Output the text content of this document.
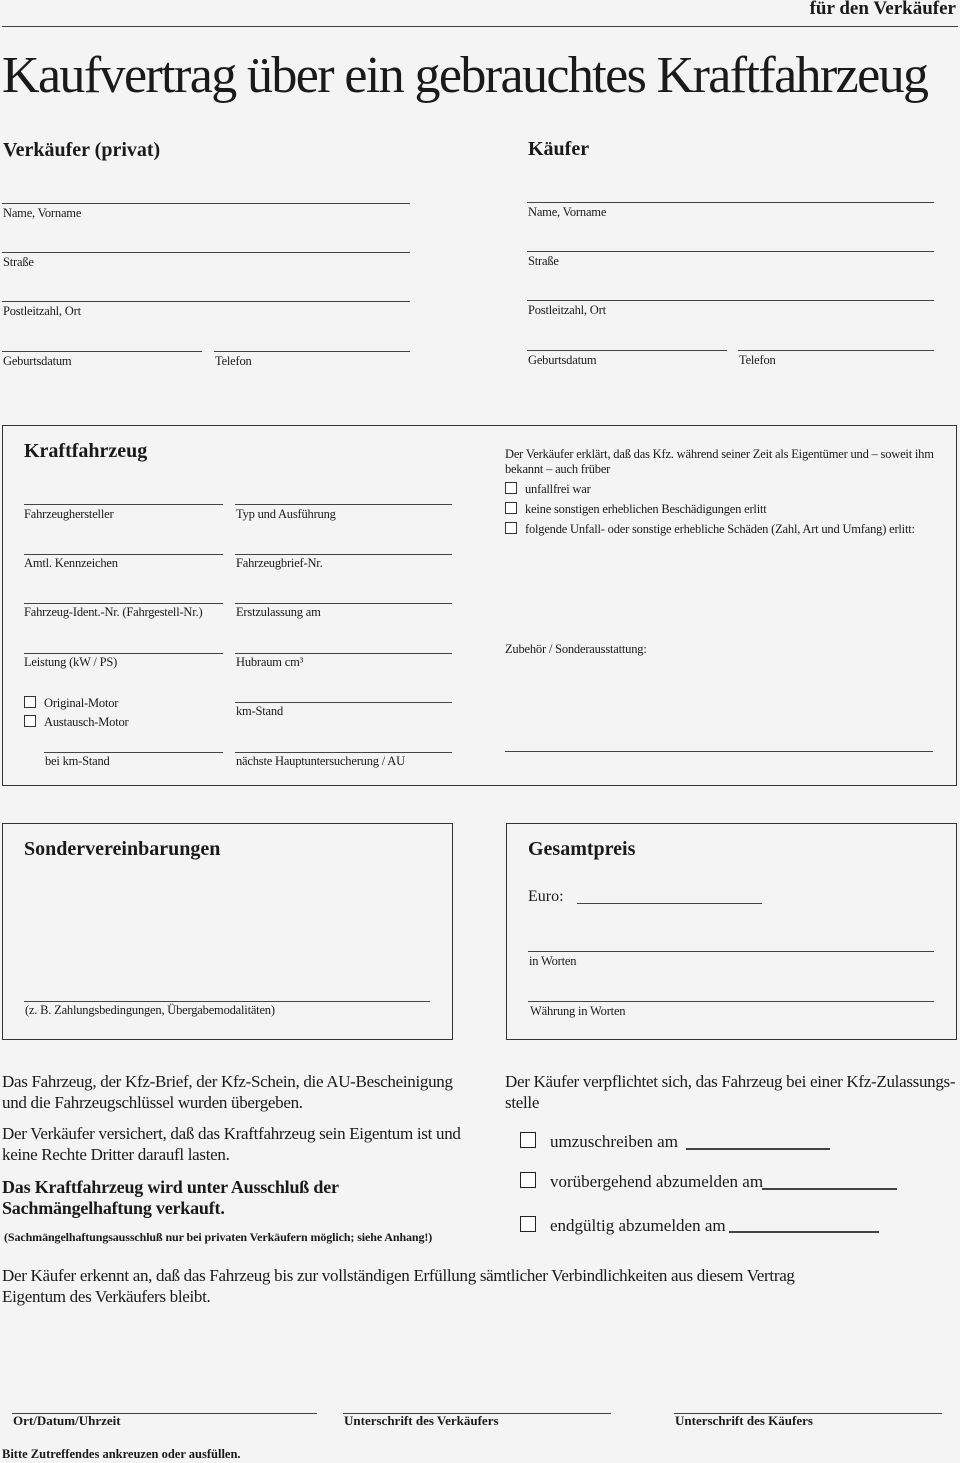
für den Verkäufer
Kaufvertrag über ein gebrauchtes Kraftfahrzeug
Verkäufer (privat)
Name, Vorname
Straße
Postleitzahl, Ort
Geburtsdatum	Telefon
Käufer
Name, Vorname
Straße
Postleitzahl, Ort
Geburtsdatum	Telefon
Kraftfahrzeug
Fahrzeughersteller	Typ und Ausführung
Amtl. Kennzeichen	Fahrzeugbrief-Nr.
Fahrzeug-Ident.-Nr. (Fahrgestell-Nr.)	Erstzulassung am
Leistung (kW / PS)	Hubraum cm³
Original-Motor
Austausch-Motor
km-Stand
bei km-Stand	nächste Hauptuntersucherung / AU
Der Verkäufer erklärt, daß das Kfz. während seiner Zeit als Eigentümer und – soweit ihm bekannt – auch früber
unfallfrei war
keine sonstigen erheblichen Beschädigungen erlitt
folgende Unfall- oder sonstige erhebliche Schäden (Zahl, Art und Umfang) erlitt:
Zubehör / Sonderausstattung:
Sondervereinbarungen
(z. B. Zahlungsbedingungen, Übergabemodalitäten)
Gesamtpreis
Euro:
in Worten
Währung in Worten
Das Fahrzeug, der Kfz-Brief, der Kfz-Schein, die AU-Bescheinigung und die Fahrzeugschlüssel wurden übergeben.
Der Verkäufer versichert, daß das Kraftfahrzeug sein Eigentum ist und keine Rechte Dritter daraufl lasten.
Das Kraftfahrzeug wird unter Ausschluß der Sachmängelhaftung verkauft.
(Sachmängelhaftungsausschluß nur bei privaten Verkäufern möglich; siehe Anhang!)
Der Käufer verpflichtet sich, das Fahrzeug bei einer Kfz-Zulassungs-stelle
umzuschreiben am
vorübergehend abzumelden am
endgültig abzumelden am
Der Käufer erkennt an, daß das Fahrzeug bis zur vollständigen Erfüllung sämtlicher Verbindlichkeiten aus diesem Vertrag Eigentum des Verkäufers bleibt.
Ort/Datum/Uhrzeit	Unterschrift des Verkäufers	Unterschrift des Käufers
Bitte Zutreffendes ankreuzen oder ausfüllen.
